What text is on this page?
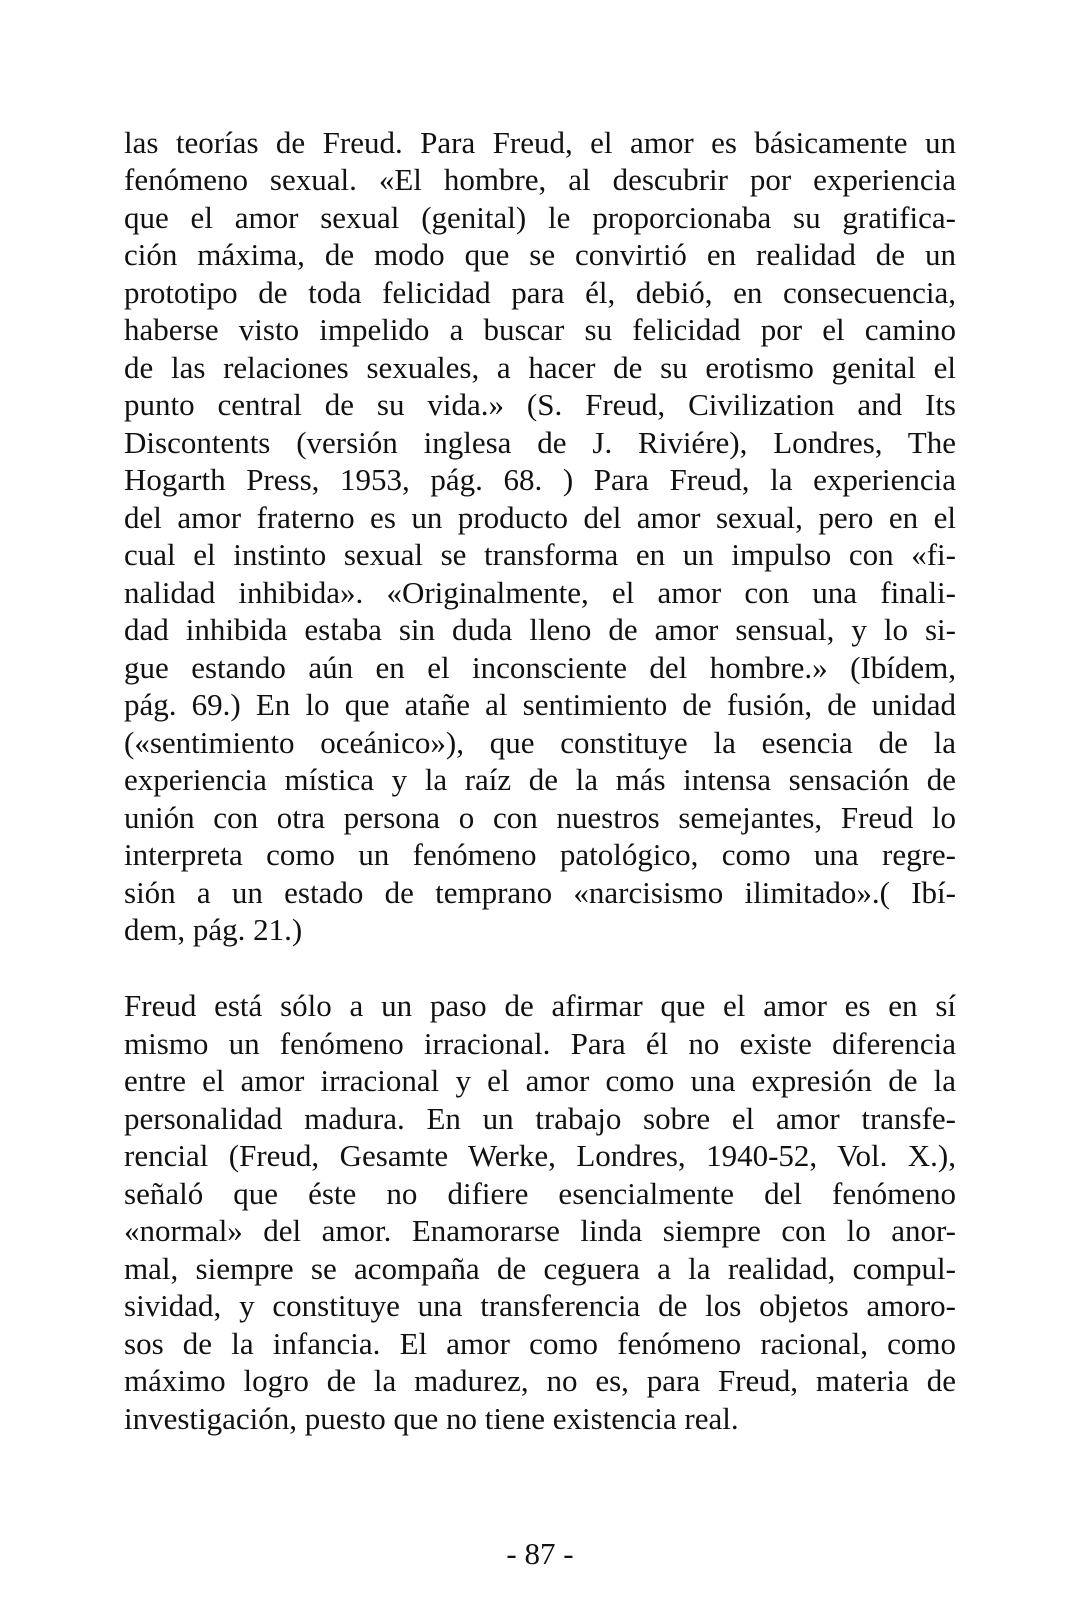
las teorías de Freud. Para Freud, el amor es básicamente un
fenómeno sexual. «El hombre, al descubrir por experiencia
que el amor sexual (genital) le proporcionaba su gratifica-
ción máxima, de modo que se convirtió en realidad de un
prototipo de toda felicidad para él, debió, en consecuencia,
haberse visto impelido a buscar su felicidad por el camino
de las relaciones sexuales, a hacer de su erotismo genital el
punto central de su vida.» (S. Freud, Civilization and Its
Discontents (versión inglesa de J. Riviére), Londres, The
Hogarth Press, 1953, pág. 68. ) Para Freud, la experiencia
del amor fraterno es un producto del amor sexual, pero en el
cual el instinto sexual se transforma en un impulso con «fi-
nalidad inhibida». «Originalmente, el amor con una finali-
dad inhibida estaba sin duda lleno de amor sensual, y lo si-
gue estando aún en el inconsciente del hombre.» (Ibídem,
pág. 69.) En lo que atañe al sentimiento de fusión, de unidad
(«sentimiento oceánico»), que constituye la esencia de la
experiencia mística y la raíz de la más intensa sensación de
unión con otra persona o con nuestros semejantes, Freud lo
interpreta como un fenómeno patológico, como una regre-
sión a un estado de temprano «narcisismo ilimitado».( Ibí-
dem, pág. 21.)
Freud está sólo a un paso de afirmar que el amor es en sí
mismo un fenómeno irracional. Para él no existe diferencia
entre el amor irracional y el amor como una expresión de la
personalidad madura. En un trabajo sobre el amor transfe-
rencial (Freud, Gesamte Werke, Londres, 1940-52, Vol. X.),
señaló que éste no difiere esencialmente del fenómeno
«normal» del amor. Enamorarse linda siempre con lo anor-
mal, siempre se acompaña de ceguera a la realidad, compul-
sividad, y constituye una transferencia de los objetos amoro-
sos de la infancia. El amor como fenómeno racional, como
máximo logro de la madurez, no es, para Freud, materia de
investigación, puesto que no tiene existencia real.
- 87 -
